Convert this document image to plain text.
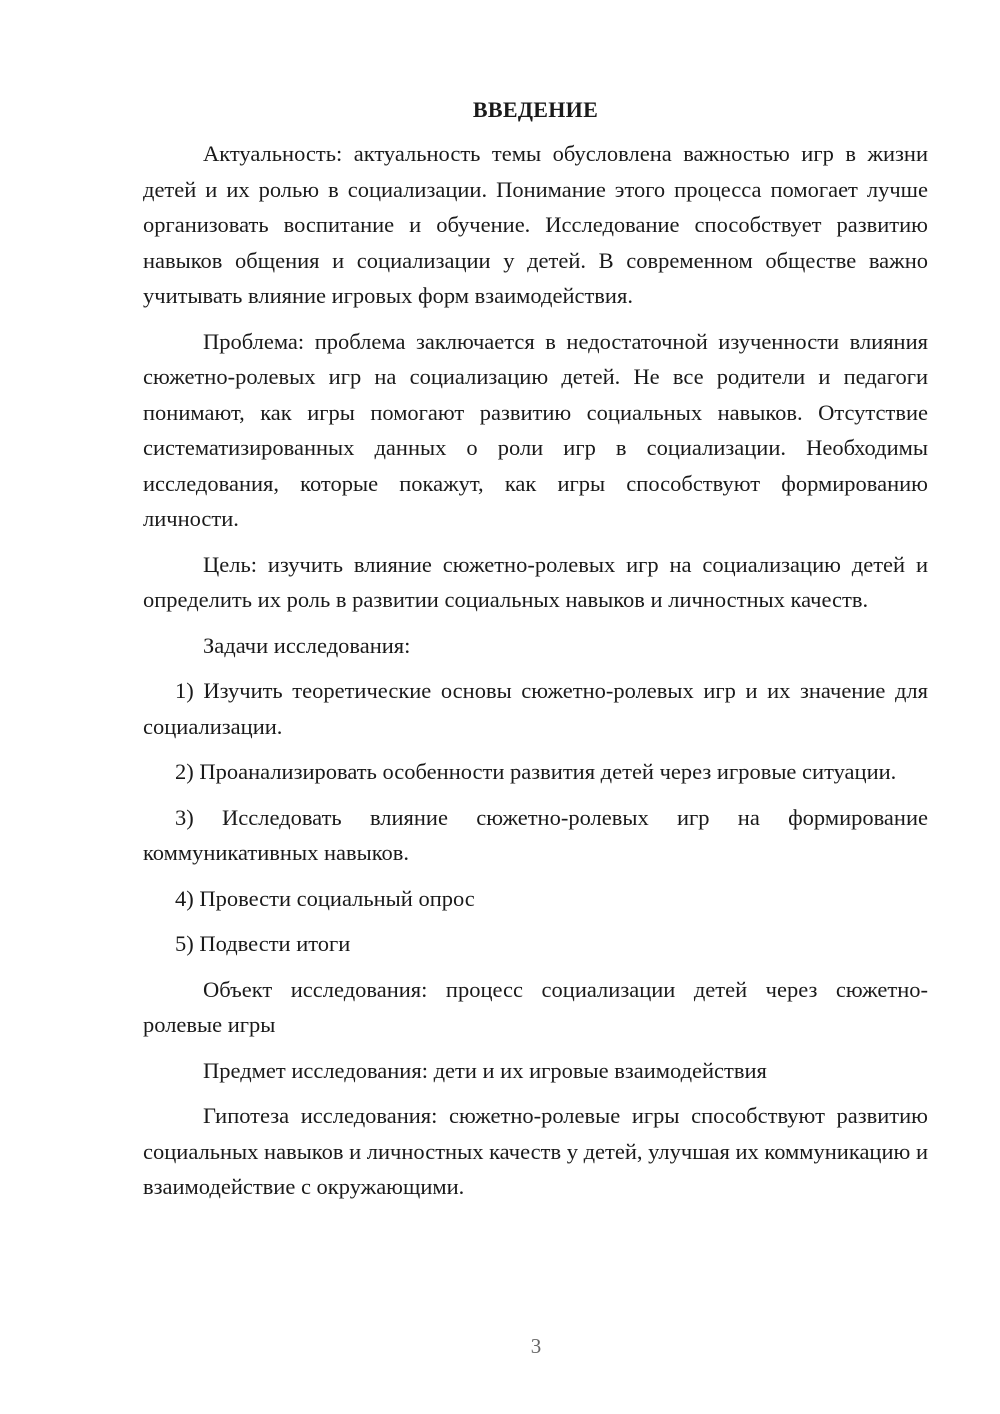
ВВЕДЕНИЕ

Актуальность: актуальность темы обусловлена важностью игр в жизни детей и их ролью в социализации. Понимание этого процесса помогает лучше организовать воспитание и обучение. Исследование способствует развитию навыков общения и социализации у детей. В современном обществе важно учитывать влияние игровых форм взаимодействия.

Проблема: проблема заключается в недостаточной изученности влияния сюжетно-ролевых игр на социализацию детей. Не все родители и педагоги понимают, как игры помогают развитию социальных навыков. Отсутствие систематизированных данных о роли игр в социализации. Необходимы исследования, которые покажут, как игры способствуют формированию личности.

Цель: изучить влияние сюжетно-ролевых игр на социализацию детей и определить их роль в развитии социальных навыков и личностных качеств.

Задачи исследования:

1) Изучить теоретические основы сюжетно-ролевых игр и их значение для социализации.

2) Проанализировать особенности развития детей через игровые ситуации.

3) Исследовать влияние сюжетно-ролевых игр на формирование коммуникативных навыков.

4) Провести социальный опрос

5) Подвести итоги

Объект исследования: процесс социализации детей через сюжетно-ролевые игры

Предмет исследования: дети и их игровые взаимодействия

Гипотеза исследования: сюжетно-ролевые игры способствуют развитию социальных навыков и личностных качеств у детей, улучшая их коммуникацию и взаимодействие с окружающими.

3
